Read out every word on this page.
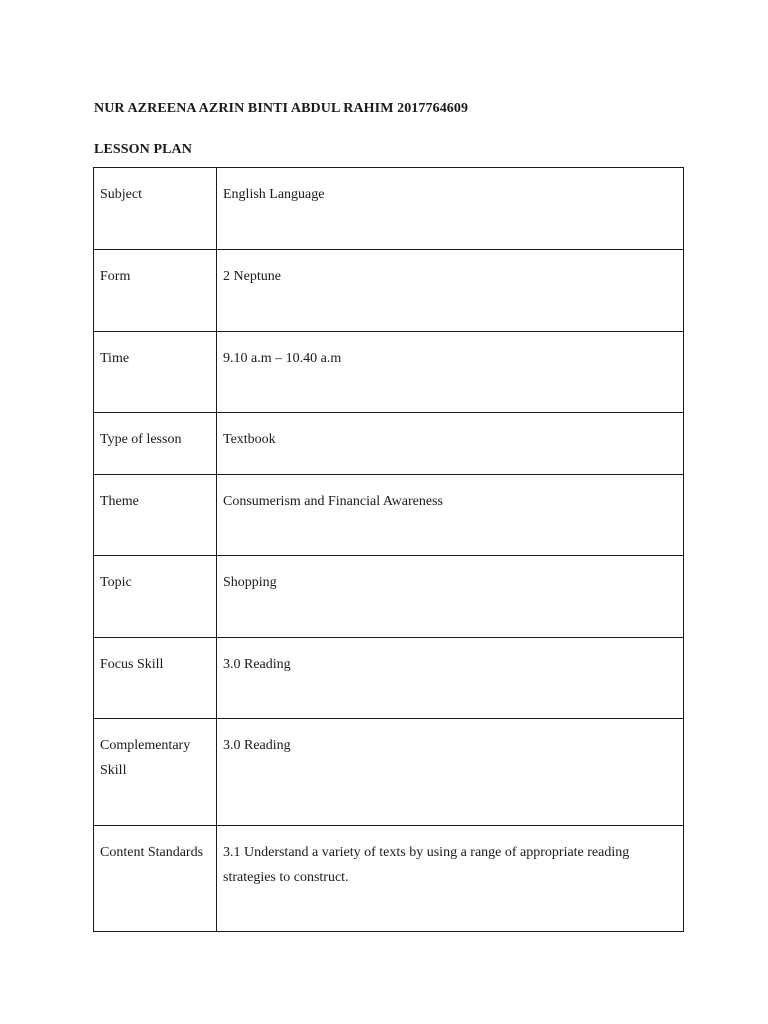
NUR AZREENA AZRIN BINTI ABDUL RAHIM 2017764609
LESSON PLAN
Subject	English Language
Form	2 Neptune
Time	9.10 a.m – 10.40 a.m
Type of lesson	Textbook
Theme	Consumerism and Financial Awareness
Topic	Shopping
Focus Skill	3.0 Reading
Complementary Skill	3.0 Reading
Content Standards	3.1 Understand a variety of texts by using a range of appropriate reading strategies to construct.
